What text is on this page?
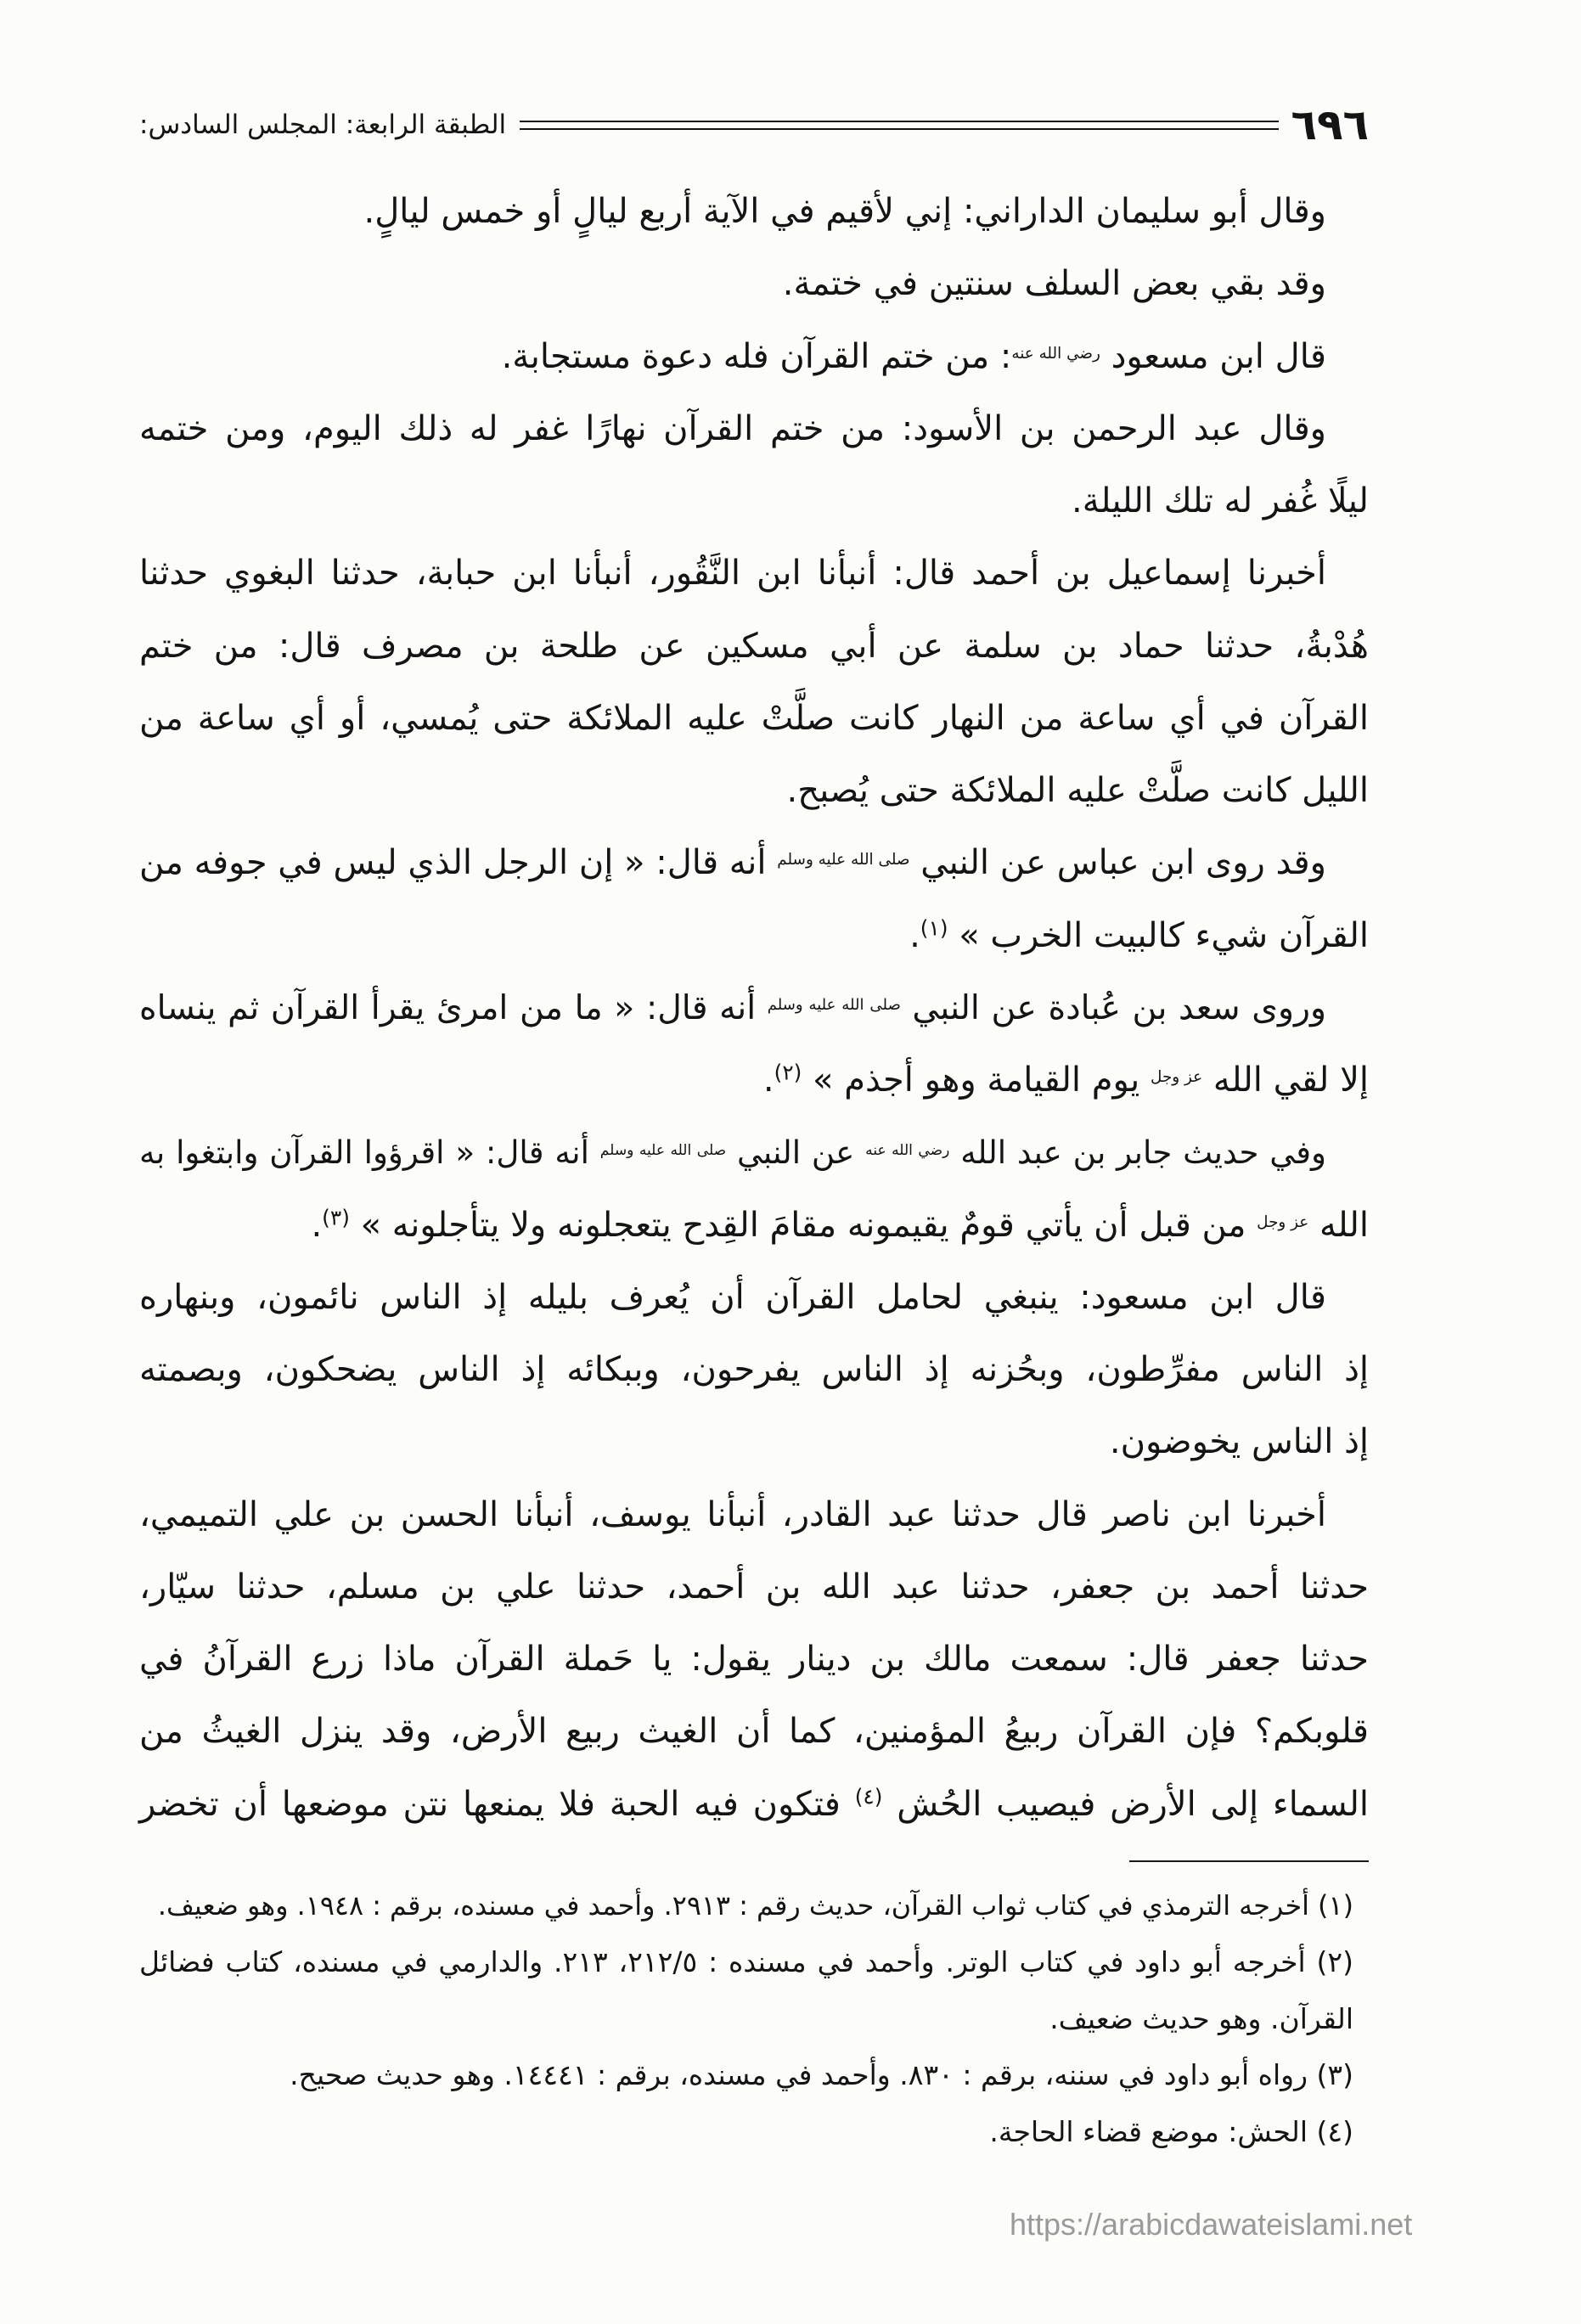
٦٩٦
الطبقة الرابعة: المجلس السادس:
وقال أبو سليمان الداراني: إني لأقيم في الآية أربع ليالٍ أو خمس ليالٍ.
وقد بقي بعض السلف سنتين في ختمة.
قال ابن مسعود $^{رضي الله عنه}$: من ختم القرآن فله دعوة مستجابة.
وقال عبد الرحمن بن الأسود: من ختم القرآن نهارًا غفر له ذلك اليوم، ومن ختمه
ليلًا غُفر له تلك الليلة.
أخبرنا إسماعيل بن أحمد قال: أنبأنا ابن النَّقُور، أنبأنا ابن حبابة، حدثنا البغوي حدثنا
هُدْبةُ، حدثنا حماد بن سلمة عن أبي مسكين عن طلحة بن مصرف قال: من ختم
القرآن في أي ساعة من النهار كانت صلَّتْ عليه الملائكة حتى يُمسي، أو أي ساعة من
الليل كانت صلَّتْ عليه الملائكة حتى يُصبح.
وقد روى ابن عباس عن النبي $^{صلى الله عليه وسلم}$ أنه قال: « إن الرجل الذي ليس في جوفه من
القرآن شيء كالبيت الخرب » $^{(١)}$.
وروى سعد بن عُبادة عن النبي $^{صلى الله عليه وسلم}$ أنه قال: « ما من امرئ يقرأ القرآن ثم ينساه
إلا لقي الله $^{عز وجل}$ يوم القيامة وهو أجذم » $^{(٢)}$.
وفي حديث جابر بن عبد الله $^{رضي الله عنه}$ عن النبي $^{صلى الله عليه وسلم}$ أنه قال: « اقرؤوا القرآن وابتغوا به
الله $^{عز وجل}$ من قبل أن يأتي قومٌ يقيمونه مقامَ القِدح يتعجلونه ولا يتأجلونه » $^{(٣)}$.
قال ابن مسعود: ينبغي لحامل القرآن أن يُعرف بليله إذ الناس نائمون، وبنهاره
إذ الناس مفرِّطون، وبحُزنه إذ الناس يفرحون، وببكائه إذ الناس يضحكون، وبصمته
إذ الناس يخوضون.
أخبرنا ابن ناصر قال حدثنا عبد القادر، أنبأنا يوسف، أنبأنا الحسن بن علي التميمي،
حدثنا أحمد بن جعفر، حدثنا عبد الله بن أحمد، حدثنا علي بن مسلم، حدثنا سيّار،
حدثنا جعفر قال: سمعت مالك بن دينار يقول: يا حَملة القرآن ماذا زرع القرآنُ في
قلوبكم؟ فإن القرآن ربيعُ المؤمنين، كما أن الغيث ربيع الأرض، وقد ينزل الغيثُ من
السماء إلى الأرض فيصيب الحُش $^{(٤)}$ فتكون فيه الحبة فلا يمنعها نتن موضعها أن تخضر
(١) أخرجه الترمذي في كتاب ثواب القرآن، حديث رقم : ٢٩١٣. وأحمد في مسنده، برقم : ١٩٤٨. وهو ضعيف.
(٢) أخرجه أبو داود في كتاب الوتر. وأحمد في مسنده : ٢١٢/٥، ٢١٣. والدارمي في مسنده، كتاب فضائل
القرآن. وهو حديث ضعيف.
(٣) رواه أبو داود في سننه، برقم : ٨٣٠. وأحمد في مسنده، برقم : ١٤٤٤١. وهو حديث صحيح.
(٤) الحش: موضع قضاء الحاجة.
https://arabicdawateislami.net
